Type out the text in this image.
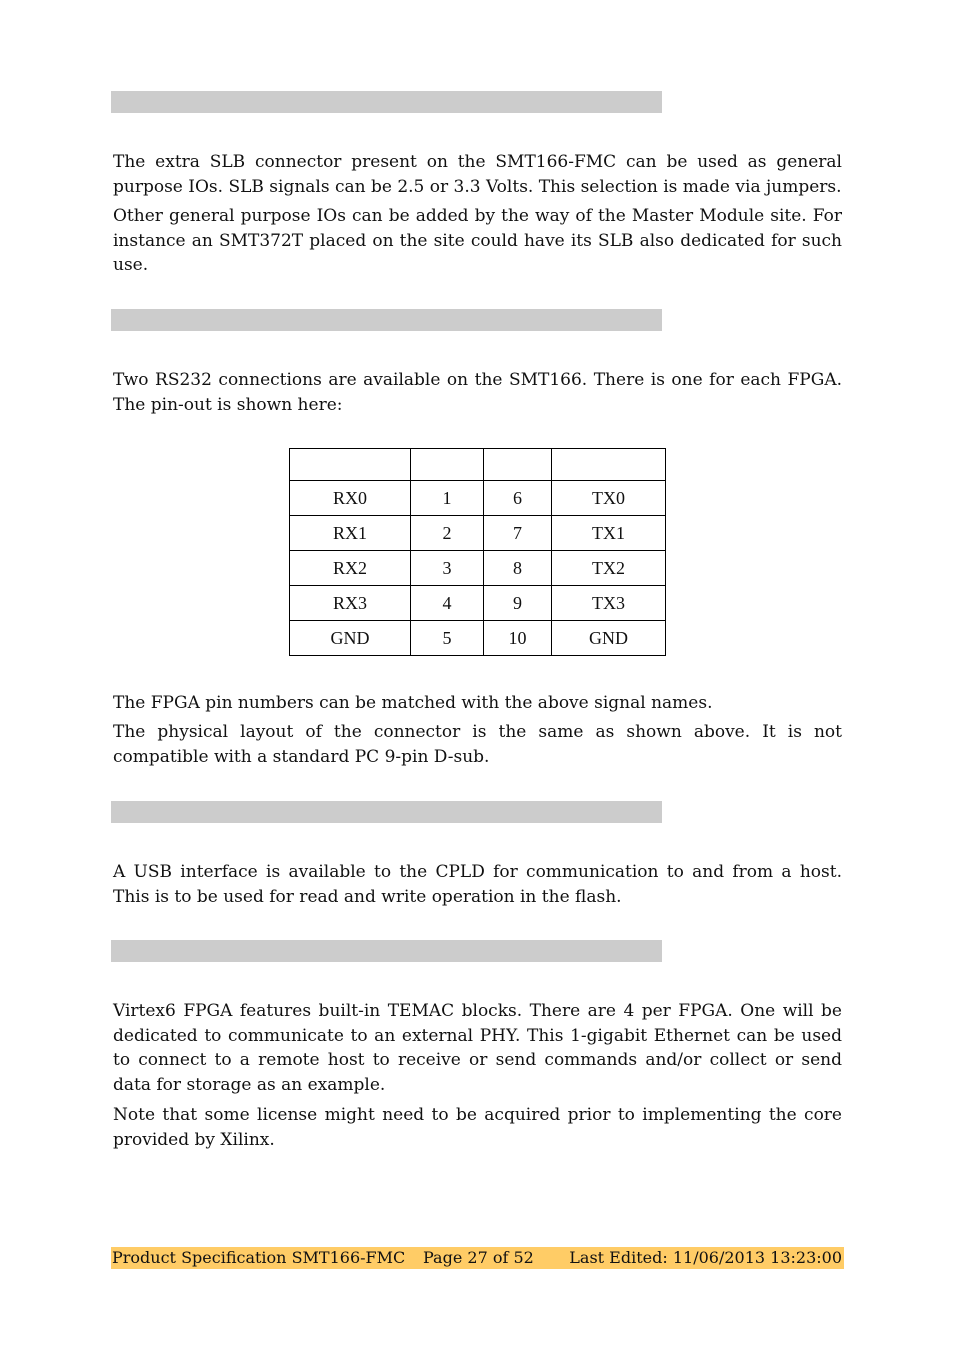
The extra SLB connector present on the SMT166-FMC can be used as general purpose IOs. SLB signals can be 2.5 or 3.3 Volts. This selection is made via jumpers.

Other general purpose IOs can be added by the way of the Master Module site. For instance an SMT372T placed on the site could have its SLB also dedicated for such use.

Two RS232 connections are available on the SMT166. There is one for each FPGA. The pin-out is shown here:

RX0	1	6	TX0
RX1	2	7	TX1
RX2	3	8	TX2
RX3	4	9	TX3
GND	5	10	GND

The FPGA pin numbers can be matched with the above signal names.

The physical layout of the connector is the same as shown above. It is not compatible with a standard PC 9-pin D-sub.

A USB interface is available to the CPLD for communication to and from a host. This is to be used for read and write operation in the flash.

Virtex6 FPGA features built-in TEMAC blocks. There are 4 per FPGA. One will be dedicated to communicate to an external PHY. This 1-gigabit Ethernet can be used to connect to a remote host to receive or send commands and/or collect or send data for storage as an example.

Note that some license might need to be acquired prior to implementing the core provided by Xilinx.

Product Specification SMT166-FMC Page 27 of 52 Last Edited: 11/06/2013 13:23:00
